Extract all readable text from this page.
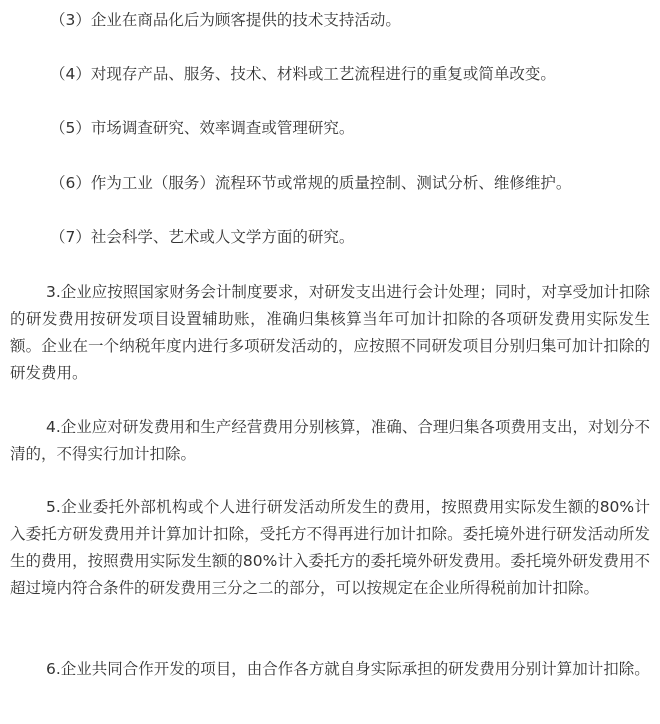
（3）企业在商品化后为顾客提供的技术支持活动。
（4）对现存产品、服务、技术、材料或工艺流程进行的重复或简单改变。
（5）市场调查研究、效率调查或管理研究。
（6）作为工业（服务）流程环节或常规的质量控制、测试分析、维修维护。
（7）社会科学、艺术或人文学方面的研究。

3.企业应按照国家财务会计制度要求，对研发支出进行会计处理；同时，对享受加计扣除的研发费用按研发项目设置辅助账，准确归集核算当年可加计扣除的各项研发费用实际发生额。企业在一个纳税年度内进行多项研发活动的，应按照不同研发项目分别归集可加计扣除的研发费用。

4.企业应对研发费用和生产经营费用分别核算，准确、合理归集各项费用支出，对划分不清的，不得实行加计扣除。

5.企业委托外部机构或个人进行研发活动所发生的费用，按照费用实际发生额的80%计入委托方研发费用并计算加计扣除，受托方不得再进行加计扣除。委托境外进行研发活动所发生的费用，按照费用实际发生额的80%计入委托方的委托境外研发费用。委托境外研发费用不超过境内符合条件的研发费用三分之二的部分，可以按规定在企业所得税前加计扣除。

6.企业共同合作开发的项目，由合作各方就自身实际承担的研发费用分别计算加计扣除。
